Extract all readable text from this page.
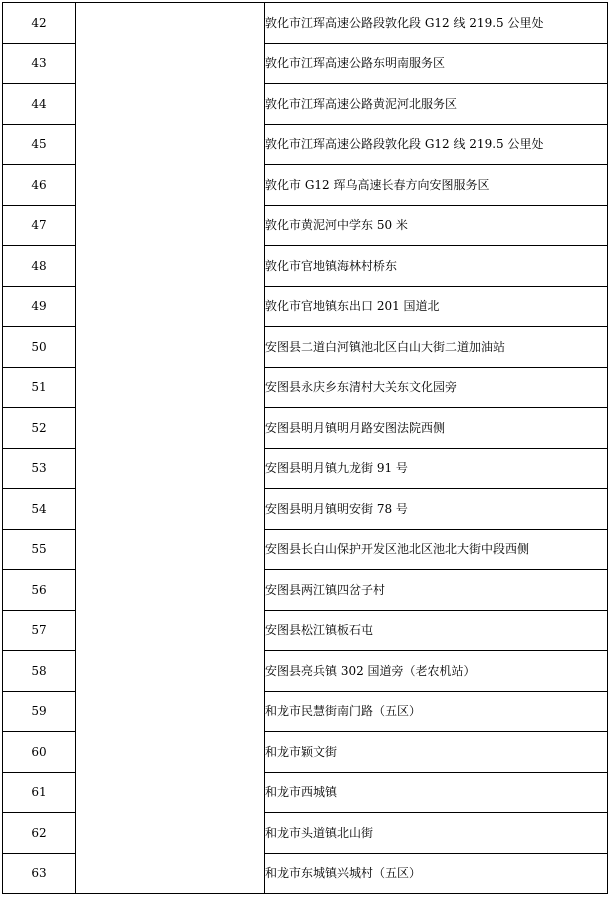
42		敦化市江珲高速公路段敦化段 G12 线 219.5 公里处
43		敦化市江珲高速公路东明南服务区
44		敦化市江珲高速公路黄泥河北服务区
45		敦化市江珲高速公路段敦化段 G12 线 219.5 公里处
46		敦化市 G12 珲乌高速长春方向安图服务区
47		敦化市黄泥河中学东 50 米
48		敦化市官地镇海林村桥东
49		敦化市官地镇东出口 201 国道北
50		安图县二道白河镇池北区白山大街二道加油站
51		安图县永庆乡东清村大关东文化园旁
52		安图县明月镇明月路安图法院西侧
53		安图县明月镇九龙街 91 号
54		安图县明月镇明安街 78 号
55		安图县长白山保护开发区池北区池北大街中段西侧
56		安图县两江镇四岔子村
57		安图县松江镇板石屯
58		安图县亮兵镇 302 国道旁（老农机站）
59		和龙市民慧街南门路（五区）
60		和龙市颖文街
61		和龙市西城镇
62		和龙市头道镇北山街
63		和龙市东城镇兴城村（五区）
